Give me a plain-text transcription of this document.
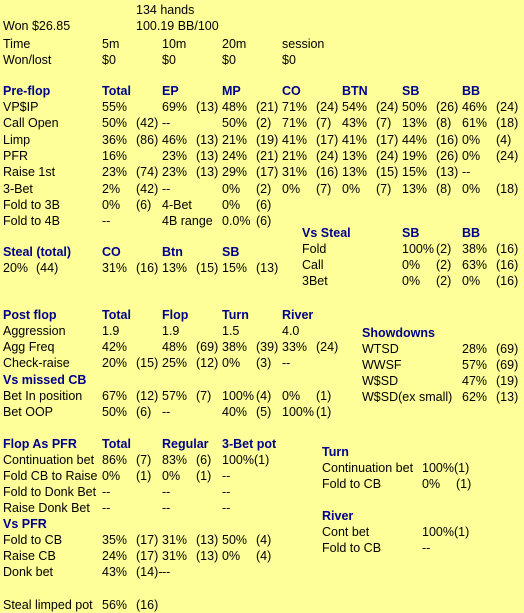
134 hands
Won $26.85	100.19 BB/100
Time	5m	10m	20m	session
Won/lost	$0	$0	$0	$0
Pre-flop	Total EP	MP	CO	BTN	SB	BB
VP$IP	55%	69% (13) 48% (21) 71% (24) 54% (24) 50% (26) 46% (24)
Call Open	50% (42) --	50% (2) 71% (7) 43% (7) 13% (8) 61% (18)
Limp	36% (86) 46% (13) 21% (19) 41% (17) 41% (17) 44% (16) 0% (4)
PFR	16%	23% (13) 24% (21) 21% (24) 13% (24) 19% (26) 0% (24)
Raise 1st	23% (74) 23% (13) 29% (17) 31% (16) 13% (15) 15% (13) --
3-Bet	2% (42) --	0% (2) 0% (7) 0% (7) 13% (8) 0% (18)
Fold to 3B	0% (6) 4-Bet 0% (6)
Fold to 4B	--	4B range 0.0% (6)
Steal (total) CO	Btn	SB
20% (44)	31% (16) 13% (15) 15% (13)
Vs Steal	SB	BB
Fold	100% (2) 38% (16)
Call	0% (2) 63% (16)
3Bet	0% (2) 0% (16)
Post flop	Total Flop	Turn	River
Aggression	1.9	1.9	1.5	4.0
Agg Freq	42%	48% (69) 38% (39) 33% (24)
Check-raise	20% (15) 25% (12) 0% (3) --
Vs missed CB
Bet In position 67% (12) 57% (7) 100% (4) 0% (1)
Bet OOP	50% (6) --	40% (5) 100% (1)
Showdowns
WTSD	28% (69)
WWSF	57% (69)
W$SD	47% (19)
W$SD(ex small) 62% (13)
Flop As PFR Total Regular 3-Bet pot
Continuation bet 86% (7) 83% (6) 100%(1)
Fold CB to Raise 0% (1) 0% (1) --
Fold to Donk Bet --	--	--
Raise Donk Bet --	--	--
Vs PFR
Fold to CB	35% (17) 31% (13) 50% (4)
Raise CB	24% (17) 31% (13) 0% (4)
Donk bet	43% (14)- --
Turn
Continuation bet 100%(1)
Fold to CB	0% (1)
River
Cont bet	100%(1)
Fold to CB	--
Steal limped pot 56% (16)
